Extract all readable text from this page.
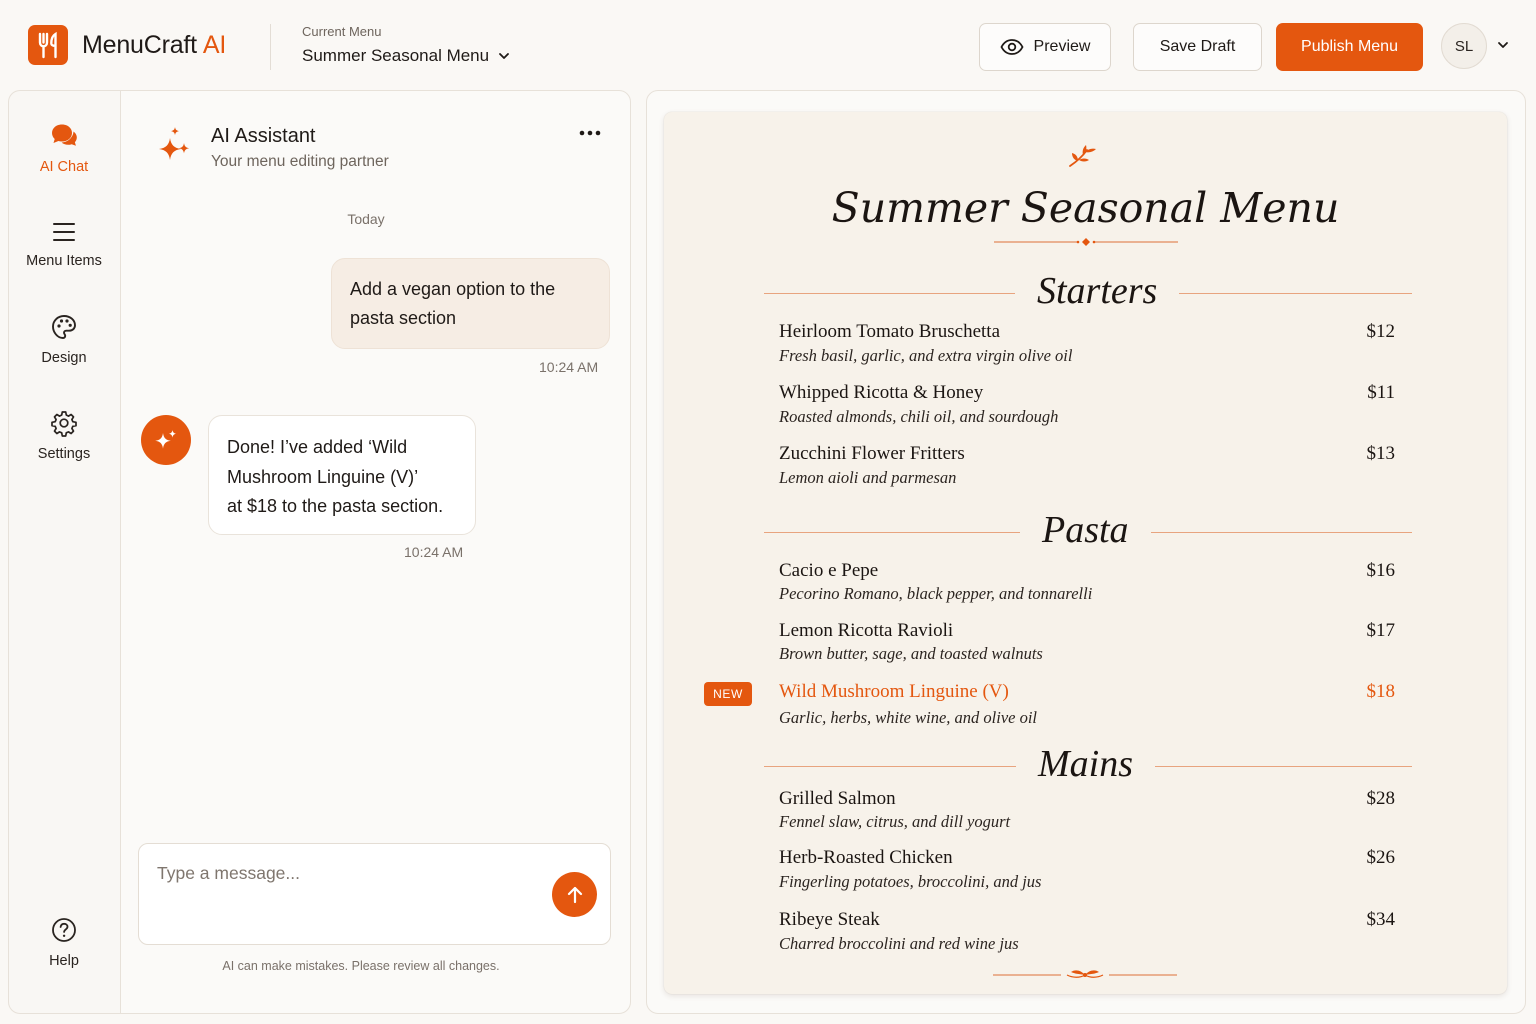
MenuCraft AI	Current Menu
Summer Seasonal Menu	Preview	Save Draft	Publish Menu	SL
AI Chat
Menu Items
Design
Settings
Help
AI Assistant
Your menu editing partner
Today
Add a vegan option to the
pasta section
10:24 AM
Done! I’ve added ‘Wild
Mushroom Linguine (V)’
at $18 to the pasta section.
10:24 AM
Type a message...
AI can make mistakes. Please review all changes.
Summer Seasonal Menu
Starters
Heirloom Tomato Bruschetta
Fresh basil, garlic, and extra virgin olive oil
$12
Whipped Ricotta & Honey
Roasted almonds, chili oil, and sourdough
$11
Zucchini Flower Fritters
Lemon aioli and parmesan
$13
Pasta
Cacio e Pepe
Pecorino Romano, black pepper, and tonnarelli
$16
Lemon Ricotta Ravioli
Brown butter, sage, and toasted walnuts
$17
NEW	Wild Mushroom Linguine (V)
Garlic, herbs, white wine, and olive oil
$18
Mains
Grilled Salmon
Fennel slaw, citrus, and dill yogurt
$28
Herb-Roasted Chicken
Fingerling potatoes, broccolini, and jus
$26
Ribeye Steak
Charred broccolini and red wine jus
$34
